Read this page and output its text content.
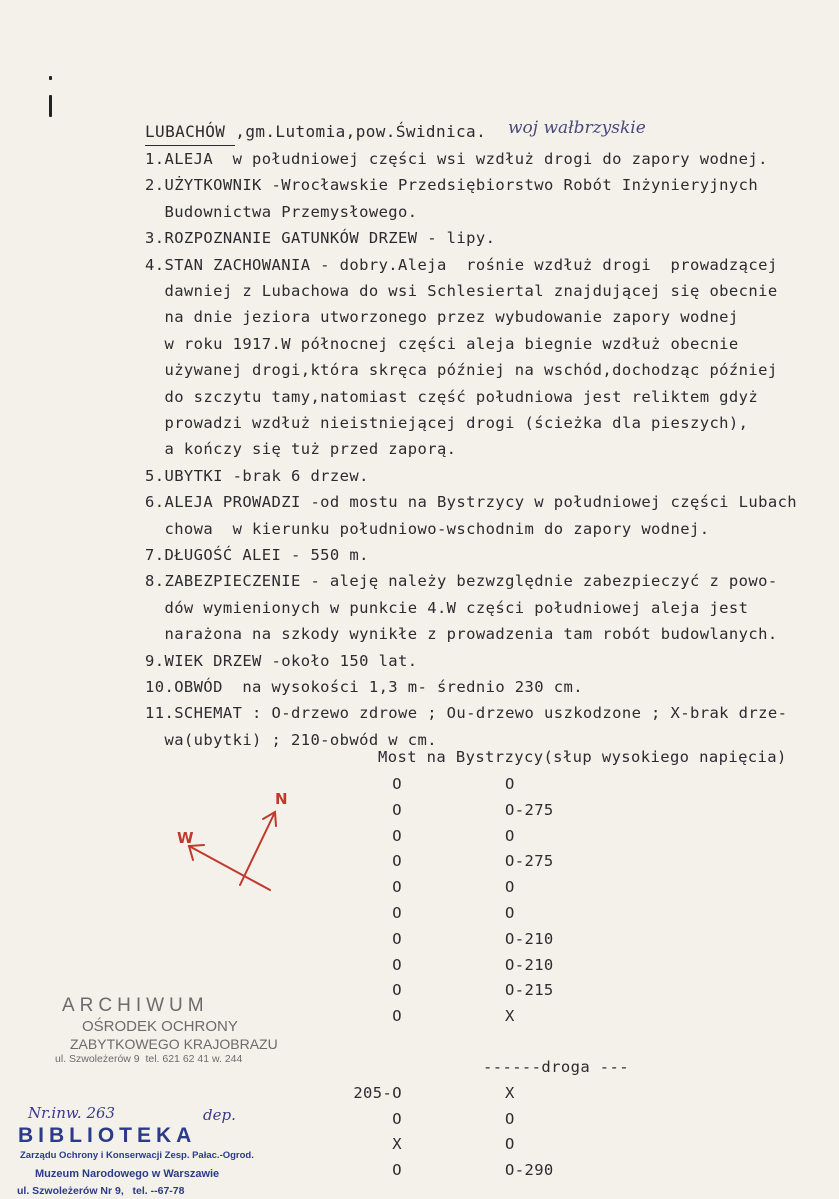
LUBACHÓW ,gm.Lutomia,pow.Świdnica. woj wałbrzyskie
1.ALEJA  w południowej części wsi wzdłuż drogi do zapory wodnej.
2.UŻYTKOWNIK -Wrocławskie Przedsiębiorstwo Robót Inżynieryjnych
Budownictwa Przemysłowego.
3.ROZPOZNANIE GATUNKÓW DRZEW - lipy.
4.STAN ZACHOWANIA - dobry.Aleja  rośnie wzdłuż drogi  prowadzącej
dawniej z Lubachowa do wsi Schlesiertal znajdującej się obecnie
na dnie jeziora utworzonego przez wybudowanie zapory wodnej
w roku 1917.W północnej części aleja biegnie wzdłuż obecnie
używanej drogi,która skręca później na wschód,dochodząc później
do szczytu tamy,natomiast część południowa jest reliktem gdyż
prowadzi wzdłuż nieistniejącej drogi (ścieżka dla pieszych),
a kończy się tuż przed zaporą.
5.UBYTKI -brak 6 drzew.
6.ALEJA PROWADZI -od mostu na Bystrzycy w południowej części Lubach
chowa  w kierunku południowo-wschodnim do zapory wodnej.
7.DŁUGOŚĆ ALEI - 550 m.
8.ZABEZPIECZENIE - aleję należy bezwzględnie zabezpieczyć z powo-
dów wymienionych w punkcie 4.W części południowej aleja jest
narażona na szkody wynikłe z prowadzenia tam robót budowlanych.
9.WIEK DRZEW -około 150 lat.
10.OBWÓD  na wysokości 1,3 m- średnio 230 cm.
11.SCHEMAT : O-drzewo zdrowe ; Ou-drzewo uszkodzone ; X-brak drze-
wa(ubytki) ; 210-obwód w cm.
Most na Bystrzycy(słup wysokiego napięcia)
O	O
O	O-275
O	O
O	O-275
O	O
O	O
O	O-210
O	O-210
O	O-215
O	X
------droga ---
205-O	X
O	O
X	O
O	O-290
N
W
ARCHIWUM
OŚRODEK OCHRONY
ZABYTKOWEGO KRAJOBRAZU
ul. Szwoleżerów 9  tel. 621 62 41 w. 244
Nr.inw. 263	dep.
BIBLIOTEKA
Zarządu Ochrony i Konserwacji Zesp. Pałac.-Ogrod.
Muzeum Narodowego w Warszawie
ul. Szwoleżerów Nr 9,   tel. --67-78
